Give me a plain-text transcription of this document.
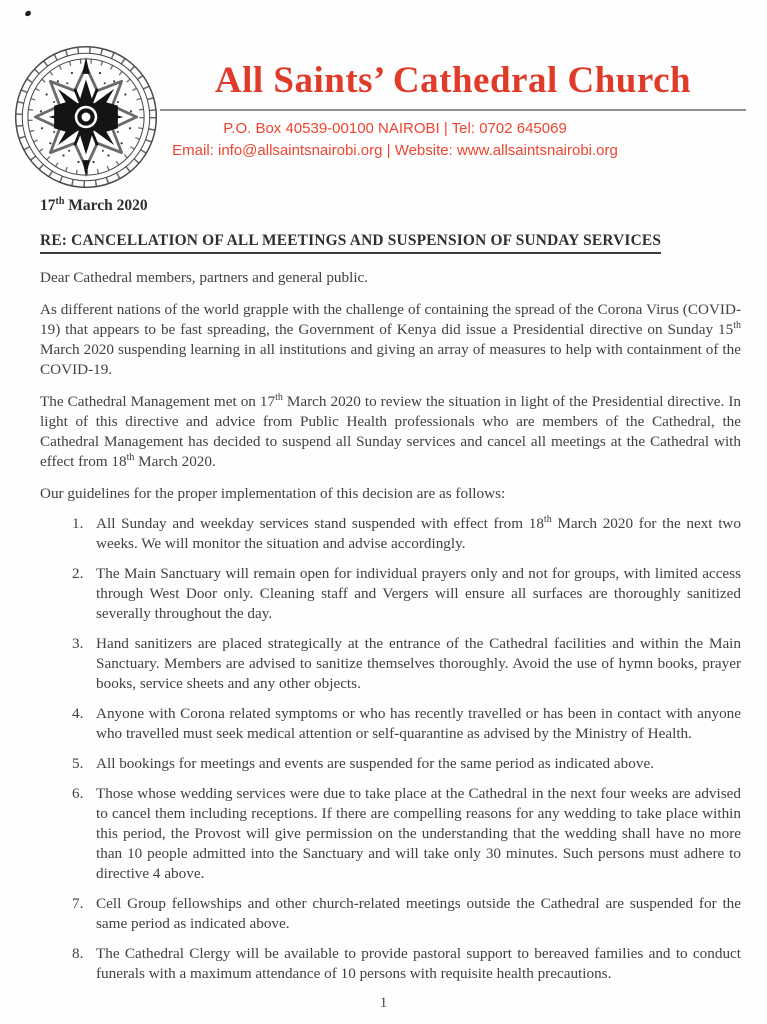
All Saints’ Cathedral Church
P.O. Box 40539-00100 NAIROBI | Tel: 0702 645069
Email: info@allsaintsnairobi.org | Website: www.allsaintsnairobi.org
17th March 2020
RE: CANCELLATION OF ALL MEETINGS AND SUSPENSION OF SUNDAY SERVICES
Dear Cathedral members, partners and general public.
As different nations of the world grapple with the challenge of containing the spread of the Corona Virus (COVID-19) that appears to be fast spreading, the Government of Kenya did issue a Presidential directive on Sunday 15th March 2020 suspending learning in all institutions and giving an array of measures to help with containment of the COVID-19.
The Cathedral Management met on 17th March 2020 to review the situation in light of the Presidential directive. In light of this directive and advice from Public Health professionals who are members of the Cathedral, the Cathedral Management has decided to suspend all Sunday services and cancel all meetings at the Cathedral with effect from 18th March 2020.
Our guidelines for the proper implementation of this decision are as follows:
1. All Sunday and weekday services stand suspended with effect from 18th March 2020 for the next two weeks. We will monitor the situation and advise accordingly.
2. The Main Sanctuary will remain open for individual prayers only and not for groups, with limited access through West Door only. Cleaning staff and Vergers will ensure all surfaces are thoroughly sanitized severally throughout the day.
3. Hand sanitizers are placed strategically at the entrance of the Cathedral facilities and within the Main Sanctuary. Members are advised to sanitize themselves thoroughly. Avoid the use of hymn books, prayer books, service sheets and any other objects.
4. Anyone with Corona related symptoms or who has recently travelled or has been in contact with anyone who travelled must seek medical attention or self-quarantine as advised by the Ministry of Health.
5. All bookings for meetings and events are suspended for the same period as indicated above.
6. Those whose wedding services were due to take place at the Cathedral in the next four weeks are advised to cancel them including receptions. If there are compelling reasons for any wedding to take place within this period, the Provost will give permission on the understanding that the wedding shall have no more than 10 people admitted into the Sanctuary and will take only 30 minutes. Such persons must adhere to directive 4 above.
7. Cell Group fellowships and other church-related meetings outside the Cathedral are suspended for the same period as indicated above.
8. The Cathedral Clergy will be available to provide pastoral support to bereaved families and to conduct funerals with a maximum attendance of 10 persons with requisite health precautions.
1
